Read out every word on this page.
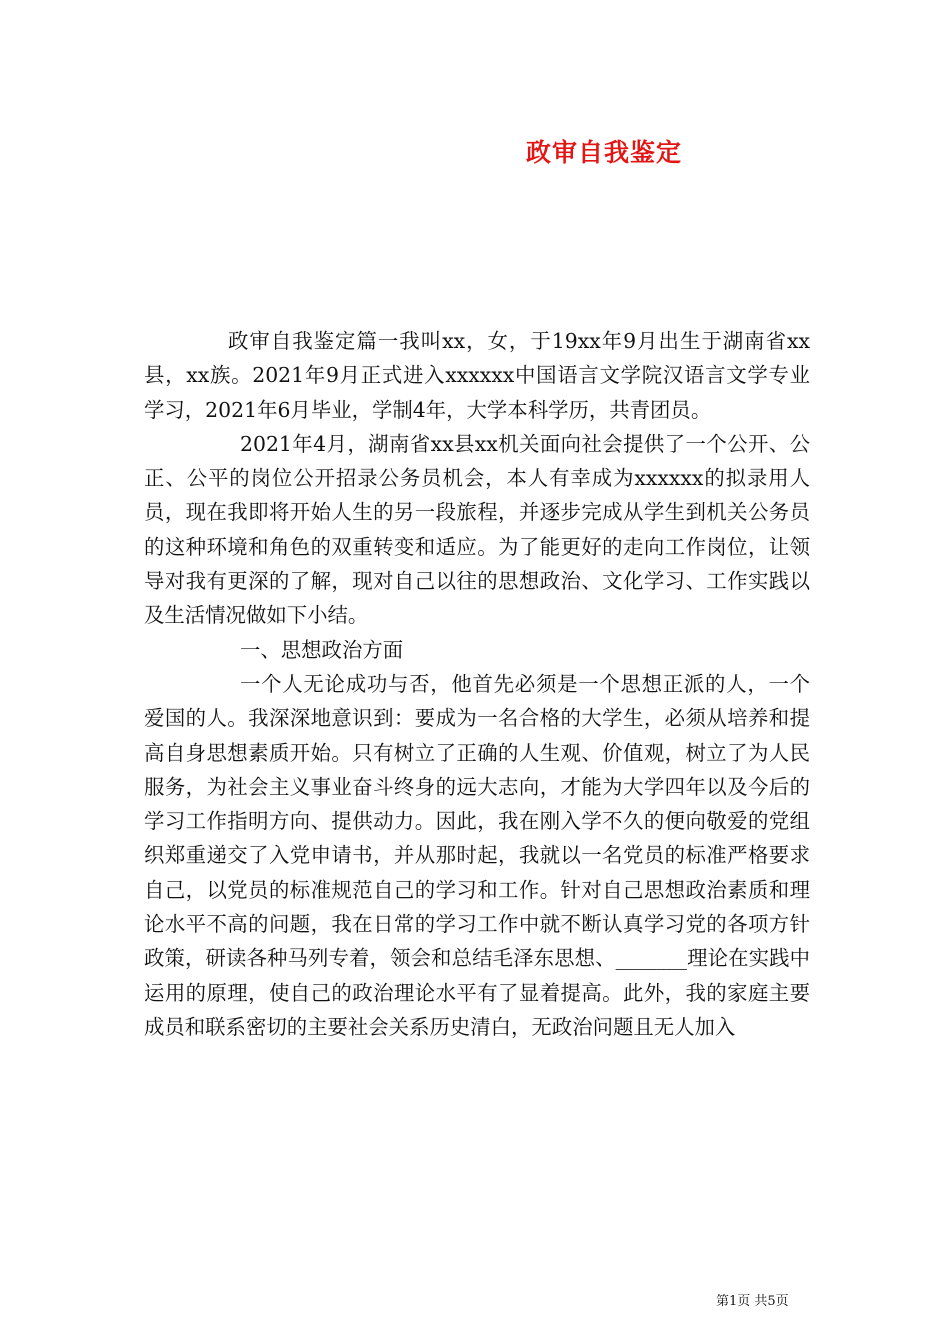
政审自我鉴定

政审自我鉴定篇一我叫xx，女，于19xx年9月出生于湖南省xx县，xx族。2021年9月正式进入xxxxxx中国语言文学院汉语言文学专业学习，2021年6月毕业，学制4年，大学本科学历，共青团员。

2021年4月，湖南省xx县xx机关面向社会提供了一个公开、公正、公平的岗位公开招录公务员机会，本人有幸成为xxxxxx的拟录用人员，现在我即将开始人生的另一段旅程，并逐步完成从学生到机关公务员的这种环境和角色的双重转变和适应。为了能更好的走向工作岗位，让领导对我有更深的了解，现对自己以往的思想政治、文化学习、工作实践以及生活情况做如下小结。

一、思想政治方面

一个人无论成功与否，他首先必须是一个思想正派的人，一个爱国的人。我深深地意识到：要成为一名合格的大学生，必须从培养和提高自身思想素质开始。只有树立了正确的人生观、价值观，树立了为人民服务，为社会主义事业奋斗终身的远大志向，才能为大学四年以及今后的学习工作指明方向、提供动力。因此，我在刚入学不久的便向敬爱的党组织郑重递交了入党申请书，并从那时起，我就以一名党员的标准严格要求自己，以党员的标准规范自己的学习和工作。针对自己思想政治素质和理论水平不高的问题，我在日常的学习工作中就不断认真学习党的各项方针政策，研读各种马列专着，领会和总结毛泽东思想、_______理论在实践中运用的原理，使自己的政治理论水平有了显着提高。此外，我的家庭主要成员和联系密切的主要社会关系历史清白，无政治问题且无人加入

第1页 共5页
